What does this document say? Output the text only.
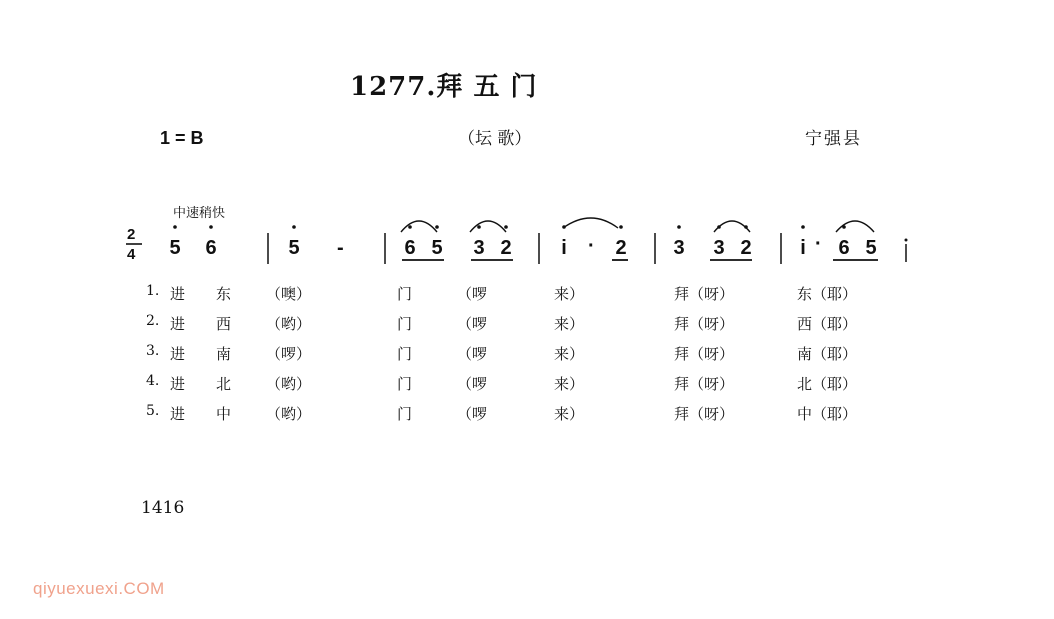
1277.拜 五 门
1 = B	（坛 歌）	宁强县
中速稍快
2
4 5 6	5 -	6 5 3 2	i	· 2 3 3 2	i · 6 5
1. 进 东 （噢）	门	（啰	来）	拜（呀）	东（耶）
2. 进 西 （哟）	门	（啰	来）	拜（呀）	西（耶）
3. 进 南 （啰）	门	（啰	来）	拜（呀）	南（耶）
4. 进 北 （哟）	门	（啰	来）	拜（呀）	北（耶）
5. 进 中 （哟）	门	（啰	来）	拜（呀）	中（耶）
1416
qiyuexuexi.COM
